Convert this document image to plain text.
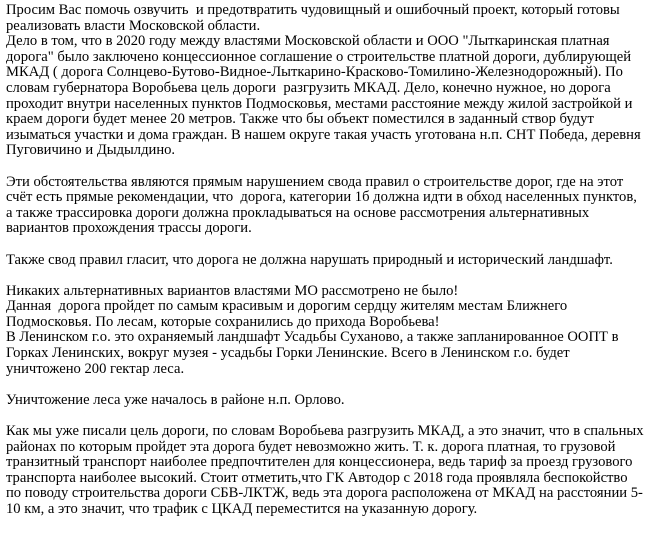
Просим Вас помочь озвучить  и предотвратить чудовищный и ошибочный проект, который готовы
реализовать власти Московской области.
Дело в том, что в 2020 году между властями Московской области и ООО "Лыткаринская платная
дорога" было заключено концессионное соглашение о строительстве платной дороги, дублирующей
МКАД ( дорога Солнцево-Бутово-Видное-Лыткарино-Красково-Томилино-Железнодорожный). По
словам губернатора Воробьева цель дороги  разгрузить МКАД. Дело, конечно нужное, но дорога
проходит внутри населенных пунктов Подмосковья, местами расстояние между жилой застройкой и
краем дороги будет менее 20 метров. Также что бы объект поместился в заданный створ будут
изыматься участки и дома граждан. В нашем округе такая участь уготована н.п. СНТ Победа, деревня
Пуговичино и Дыдылдино.
Эти обстоятельства являются прямым нарушением свода правил о строительстве дорог, где на этот
счёт есть прямые рекомендации, что  дорога, категории 1б должна идти в обход населенных пунктов,
а также трассировка дороги должна прокладываться на основе рассмотрения альтернативных
вариантов прохождения трассы дороги.
Также свод правил гласит, что дорога не должна нарушать природный и исторический ландшафт.
Никаких альтернативных вариантов властями МО рассмотрено не было!
Данная  дорога пройдет по самым красивым и дорогим сердцу жителям местам Ближнего
Подмосковья. По лесам, которые сохранились до прихода Воробьева!
В Ленинском г.о. это охраняемый ландшафт Усадьбы Суханово, а также запланированное ООПТ в
Горках Ленинских, вокруг музея - усадьбы Горки Ленинские. Всего в Ленинском г.о. будет
уничтожено 200 гектар леса.
Уничтожение леса уже началось в районе н.п. Орлово.
Как мы уже писали цель дороги, по словам Воробьева разгрузить МКАД, а это значит, что в спальных
районах по которым пройдет эта дорога будет невозможно жить. Т. к. дорога платная, то грузовой
транзитный транспорт наиболее предпочтителен для концессионера, ведь тариф за проезд грузового
транспорта наиболее высокий. Стоит отметить,что ГК Автодор с 2018 года проявляла беспокойство
по поводу строительства дороги СБВ-ЛКТЖ, ведь эта дорога расположена от МКАД на расстоянии 5-
10 км, а это значит, что трафик с ЦКАД переместится на указанную дорогу.
